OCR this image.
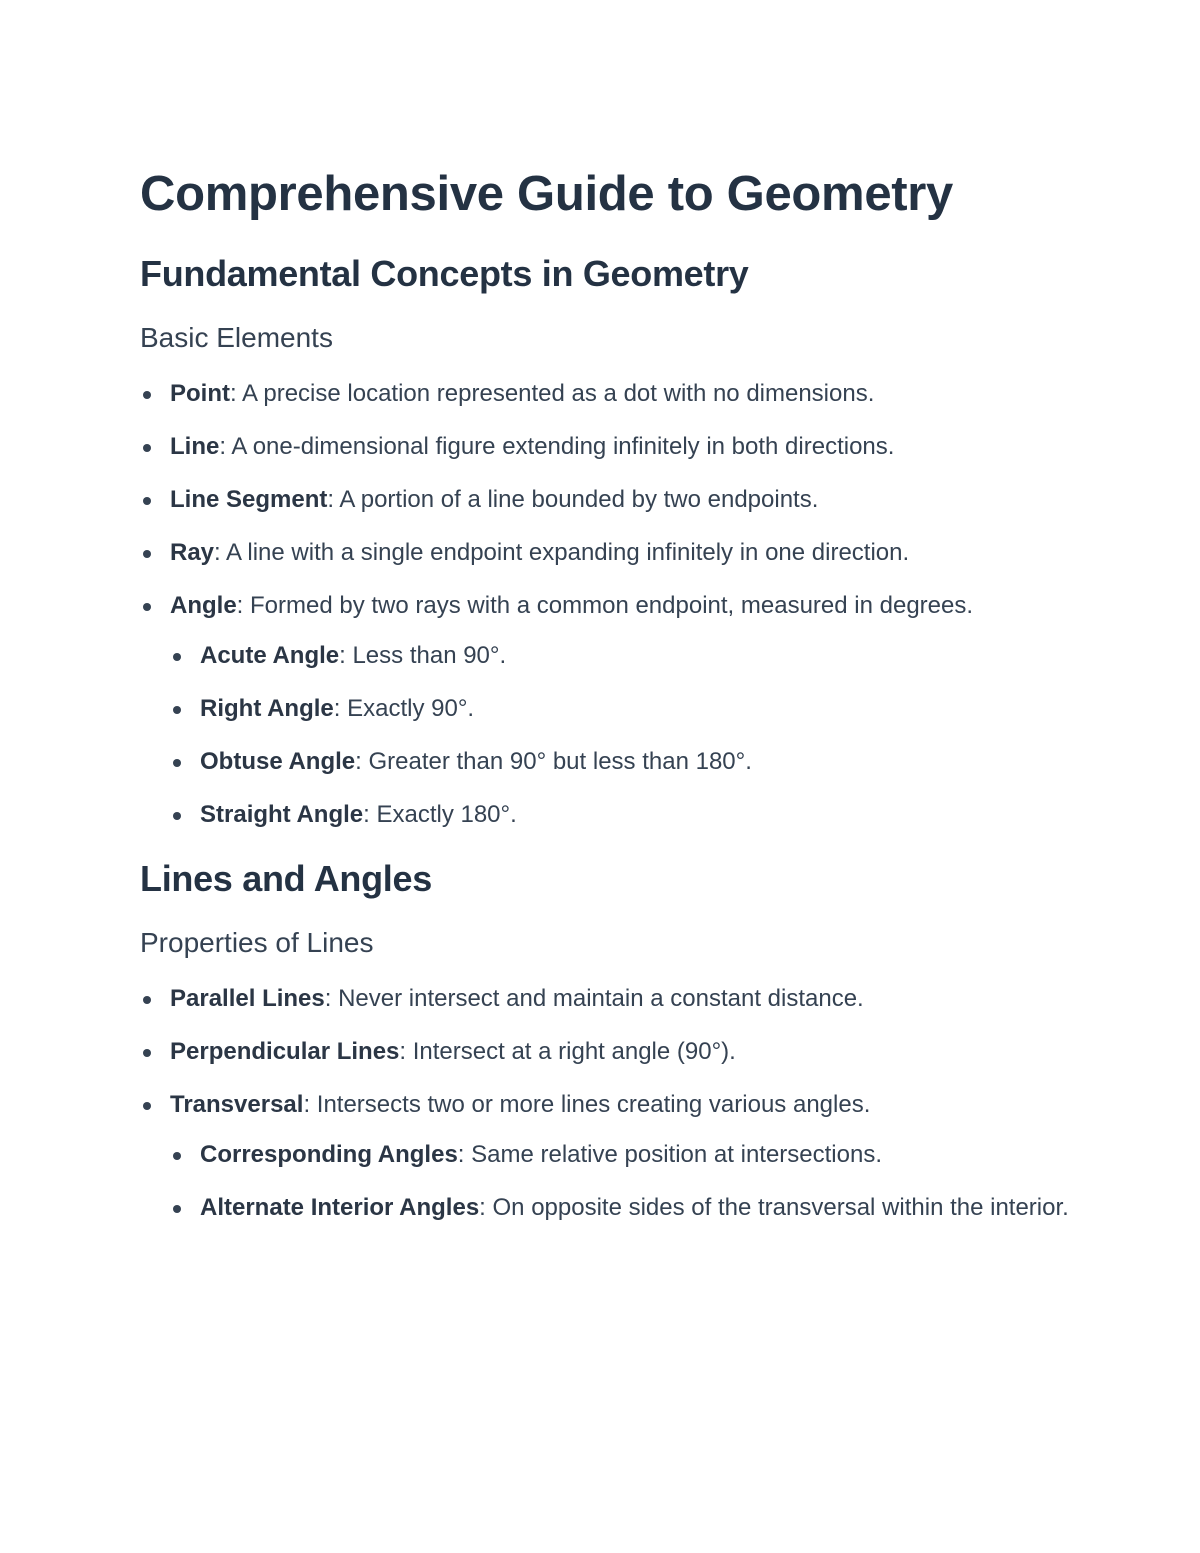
Comprehensive Guide to Geometry
Fundamental Concepts in Geometry
Basic Elements
Point: A precise location represented as a dot with no dimensions.
Line: A one-dimensional figure extending infinitely in both directions.
Line Segment: A portion of a line bounded by two endpoints.
Ray: A line with a single endpoint expanding infinitely in one direction.
Angle: Formed by two rays with a common endpoint, measured in degrees.
Acute Angle: Less than 90°.
Right Angle: Exactly 90°.
Obtuse Angle: Greater than 90° but less than 180°.
Straight Angle: Exactly 180°.
Lines and Angles
Properties of Lines
Parallel Lines: Never intersect and maintain a constant distance.
Perpendicular Lines: Intersect at a right angle (90°).
Transversal: Intersects two or more lines creating various angles.
Corresponding Angles: Same relative position at intersections.
Alternate Interior Angles: On opposite sides of the transversal within the interior.
